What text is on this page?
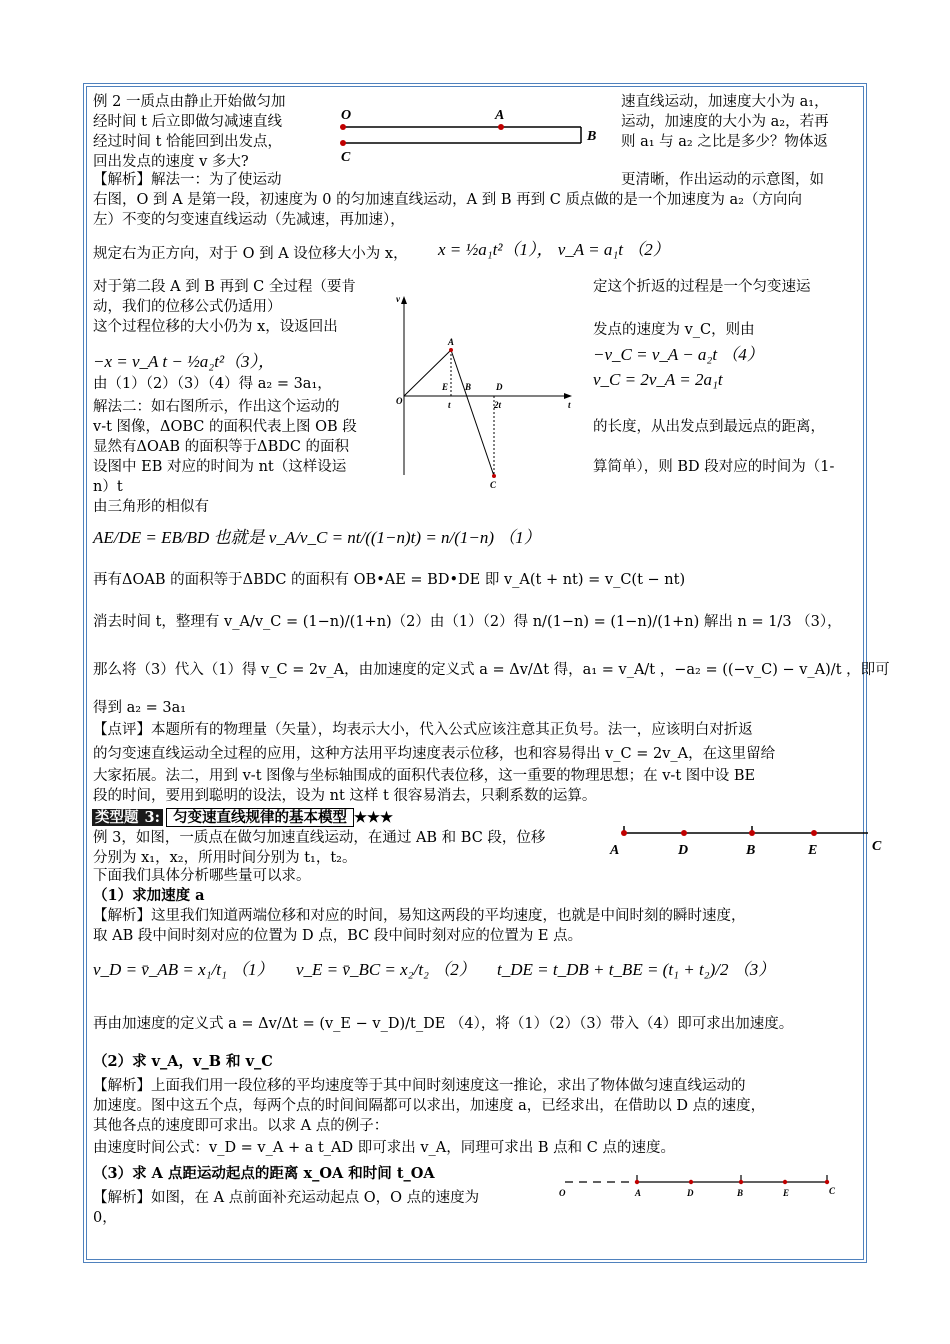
例 2 一质点由静止开始做匀加
经时间 t 后立即做匀减速直线
经过时间 t 恰能回到出发点，
回出发点的速度 v 多大?
速直线运动，加速度大小为 a₁，
运动，加速度的大小为 a₂，若再
则 a₁ 与 a₂ 之比是多少？物体返
O	A
B
C
【解析】解法一：为了使运动	更清晰，作出运动的示意图，如
右图，O 到 A 是第一段，初速度为 0 的匀加速直线运动，A 到 B 再到 C 质点做的是一个加速度为 a₂（方向向
左）不变的匀变速直线运动（先减速，再加速），
规定右为正方向，对于 O 到 A 设位移大小为 x， x = ½a₁t²（1）， v_A = a₁t （2）
对于第二段 A 到 B 再到 C 全过程（要肯	定这个折返的过程是一个匀变速运
动，我们的位移公式仍适用）
这个过程位移的大小仍为 x，设返回出	发点的速度为 v_C，则由
−x = v_A t − ½a₂t²（3），	−v_C = v_A − a₂t （4）
由（1）（2）（3）（4）得 a₂ = 3a₁，	v_C = 2v_A = 2a₁t
v
t
O
A
E B	D
t	2t
C
解法二：如右图所示，作出这个运动的
的长度，从出发点到最远点的距离，
v-t 图像，ΔOBC 的面积代表上图 OB 段
显然有ΔOAB 的面积等于ΔBDC 的面积
设图中 EB 对应的时间为 nt（这样设运	算简单），则 BD 段对应的时间为（1-
n）t
由三角形的相似有
AE/DE = EB/BD 也就是 v_A/v_C = nt/((1−n)t) = n/(1−n) （1）
再有ΔOAB 的面积等于ΔBDC 的面积有 OB•AE = BD•DE 即 v_A(t + nt) = v_C(t − nt)
消去时间 t，整理有 v_A/v_C = (1−n)/(1+n)（2）由（1）（2）得 n/(1−n) = (1−n)/(1+n) 解出 n = 1/3 （3），
那么将（3）代入（1）得 v_C = 2v_A，由加速度的定义式 a = Δv/Δt 得，a₁ = v_A/t ，−a₂ = ((−v_C) − v_A)/t ，即可
得到 a₂ = 3a₁
【点评】本题所有的物理量（矢量），均表示大小，代入公式应该注意其正负号。法一，应该明白对折返
的匀变速直线运动全过程的应用，这种方法用平均速度表示位移，也和容易得出 v_C = 2v_A，在这里留给
大家拓展。法二，用到 v-t 图像与坐标轴围成的面积代表位移，这一重要的物理思想；在 v-t 图中设 BE
段的时间，要用到聪明的设法，设为 nt 这样 t 很容易消去，只剩系数的运算。
类型题 3: 匀变速直线规律的基本模型 ★★★
例 3，如图，一质点在做匀加速直线运动，在通过 AB 和 BC 段，位移
分别为 x₁，x₂，所用时间分别为 t₁，t₂。
下面我们具体分析哪些量可以求。
A	D	B	E	C
（1）求加速度 a
【解析】这里我们知道两端位移和对应的时间，易知这两段的平均速度，也就是中间时刻的瞬时速度，
取 AB 段中间时刻对应的位置为 D 点，BC 段中间时刻对应的位置为 E 点。
v_D = v̄_AB = x₁/t₁ （1） v_E = v̄_BC = x₂/t₂ （2） t_DE = t_DB + t_BE = (t₁ + t₂)/2 （3）
再由加速度的定义式 a = Δv/Δt = (v_E − v_D)/t_DE （4），将（1）（2）（3）带入（4）即可求出加速度。
（2）求 v_A，v_B 和 v_C
【解析】上面我们用一段位移的平均速度等于其中间时刻速度这一推论，求出了物体做匀速直线运动的
加速度。图中这五个点，每两个点的时间间隔都可以求出，加速度 a，已经求出，在借助以 D 点的速度，
其他各点的速度即可求出。以求 A 点的例子：
由速度时间公式：v_D = v_A + a t_AD 即可求出 v_A，同理可求出 B 点和 C 点的速度。
（3）求 A 点距运动起点的距离 x_OA 和时间 t_OA
【解析】如图，在 A 点前面补充运动起点 O，O 点的速度为
0，
O	A	D	B	E	C
